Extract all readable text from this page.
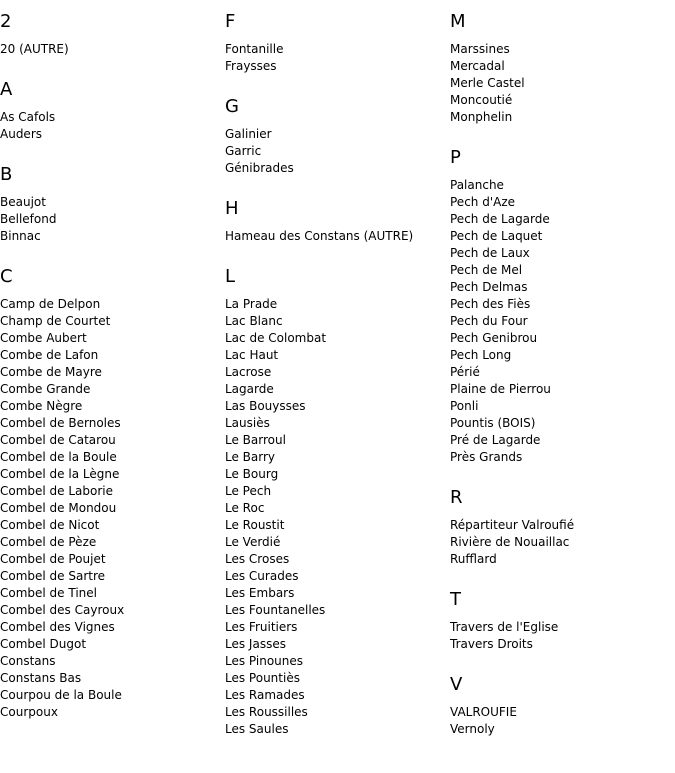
2
20 (AUTRE)
A
As Cafols
Auders
B
Beaujot
Bellefond
Binnac
C
Camp de Delpon
Champ de Courtet
Combe Aubert
Combe de Lafon
Combe de Mayre
Combe Grande
Combe Nègre
Combel de Bernoles
Combel de Catarou
Combel de la Boule
Combel de la Lègne
Combel de Laborie
Combel de Mondou
Combel de Nicot
Combel de Pèze
Combel de Poujet
Combel de Sartre
Combel de Tinel
Combel des Cayroux
Combel des Vignes
Combel Dugot
Constans
Constans Bas
Courpou de la Boule
Courpoux
F
Fontanille
Fraysses
G
Galinier
Garric
Génibrades
H
Hameau des Constans (AUTRE)
L
La Prade
Lac Blanc
Lac de Colombat
Lac Haut
Lacrose
Lagarde
Las Bouysses
Lausiès
Le Barroul
Le Barry
Le Bourg
Le Pech
Le Roc
Le Roustit
Le Verdié
Les Croses
Les Curades
Les Embars
Les Fountanelles
Les Fruitiers
Les Jasses
Les Pinounes
Les Pountiès
Les Ramades
Les Roussilles
Les Saules
M
Marssines
Mercadal
Merle Castel
Moncoutié
Monphelin
P
Palanche
Pech d'Aze
Pech de Lagarde
Pech de Laquet
Pech de Laux
Pech de Mel
Pech Delmas
Pech des Fiès
Pech du Four
Pech Genibrou
Pech Long
Périé
Plaine de Pierrou
Ponli
Pountis (BOIS)
Pré de Lagarde
Près Grands
R
Répartiteur Valroufié
Rivière de Nouaillac
Rufflard
T
Travers de l'Eglise
Travers Droits
V
VALROUFIE
Vernoly
